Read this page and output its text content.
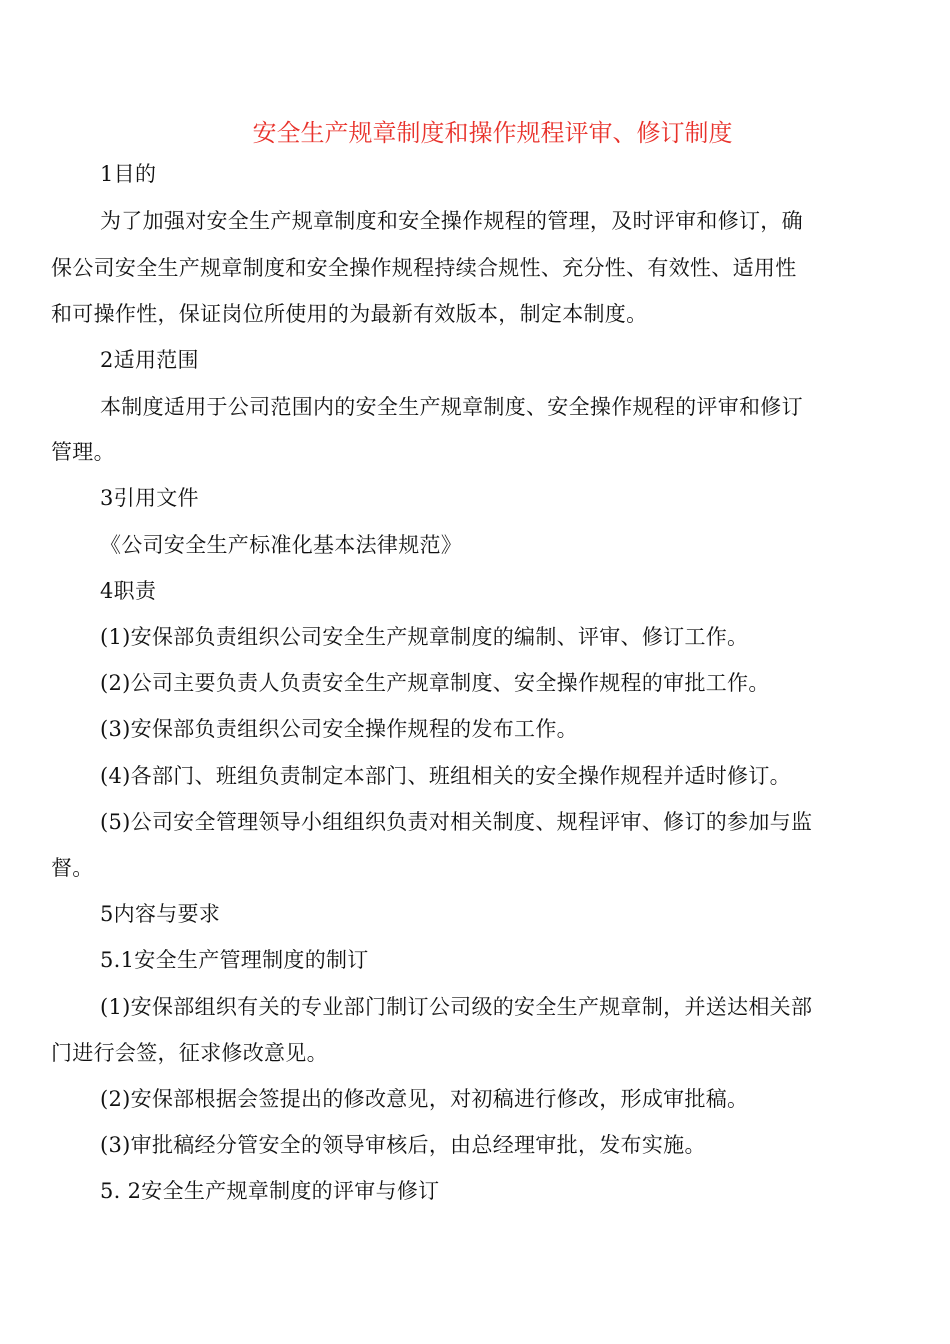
安全生产规章制度和操作规程评审、修订制度
1目的
为了加强对安全生产规章制度和安全操作规程的管理，及时评审和修订，确
保公司安全生产规章制度和安全操作规程持续合规性、充分性、有效性、适用性
和可操作性，保证岗位所使用的为最新有效版本，制定本制度。
2适用范围
本制度适用于公司范围内的安全生产规章制度、安全操作规程的评审和修订
管理。
3引用文件
《公司安全生产标准化基本法律规范》
4职责
(1)安保部负责组织公司安全生产规章制度的编制、评审、修订工作。
(2)公司主要负责人负责安全生产规章制度、安全操作规程的审批工作。
(3)安保部负责组织公司安全操作规程的发布工作。
(4)各部门、班组负责制定本部门、班组相关的安全操作规程并适时修订。
(5)公司安全管理领导小组组织负责对相关制度、规程评审、修订的参加与监
督。
5内容与要求
5.1安全生产管理制度的制订
(1)安保部组织有关的专业部门制订公司级的安全生产规章制，并送达相关部
门进行会签，征求修改意见。
(2)安保部根据会签提出的修改意见，对初稿进行修改，形成审批稿。
(3)审批稿经分管安全的领导审核后，由总经理审批，发布实施。
5. 2安全生产规章制度的评审与修订
